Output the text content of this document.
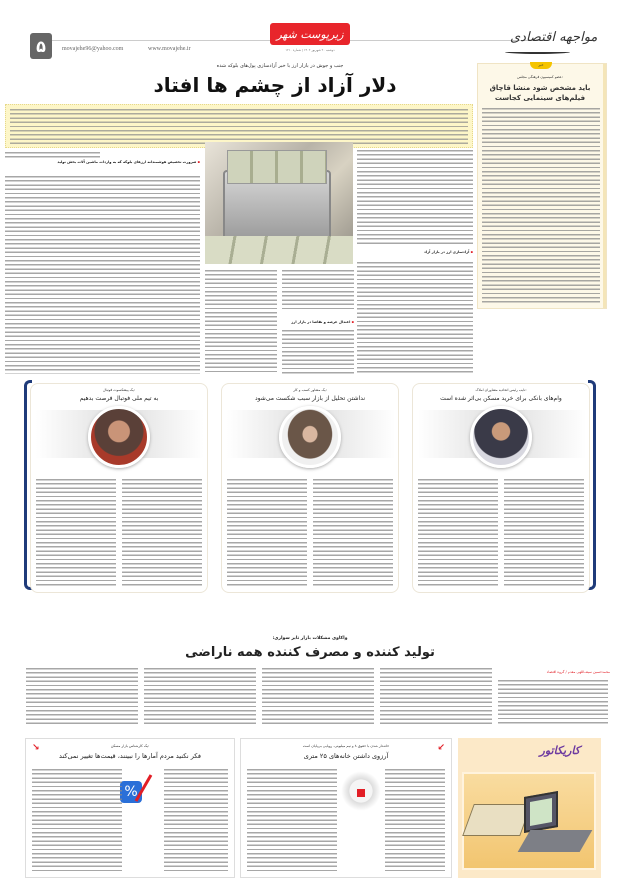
۵	movajehe96@yahoo.com	www.movajehe.ir
زیرپوست شهر
دوشنبه ۲۰ شهریور ۱۴۰۲ | شماره ۱۲۱۰
مواجهه اقتصادی
خبر
عضو کمیسیون فرهنگی مجلس:
باید مشخص شود منشا قاچاق فیلم‌های سینمایی کجاست
جنب و جوش در بازار ارز با خبر آزادسازی پول‌های بلوکه شده
دلار آزاد از چشم ها افتاد
▪ ضرورت تخصیص هوشمندانه ارزهای بلوکه که به واردات ماشین آلات بخش تولید
▪ آزادسازی ارز در بازار آزاد
▪ اعتدال عرضه و تقاضا در بازار ارز
نایب رئیس اتحادیه مشاوران املاک:
وام‌های بانکی برای خرید مسکن بی‌اثر شده است
یک مشاور کسب و کار:
نداشتن تحلیل از بازار سبب شکست می‌شود
یک پیشکسوت فوتبال:
به تیم ملی فوتبال فرصت بدهیم
واکاوی مشکلات بازار تایر سواری:
تولید کننده و مصرف کننده همه ناراضی
محمدحسین سیف‌اللهی مقدم / گروه اقتصاد
↙
خانه‌دار شدن با حقوق ۸ و نیم میلیونی، رویایی بی‌پایان است
آرزوی داشتن خانه‌های ۲۵ متری
↘	یک کارشناس بازار مسکن:
فکر نکنید مردم آمارها را نبینند، قیمت‌ها تغییر نمی‌کند
%
کاریکاتور
